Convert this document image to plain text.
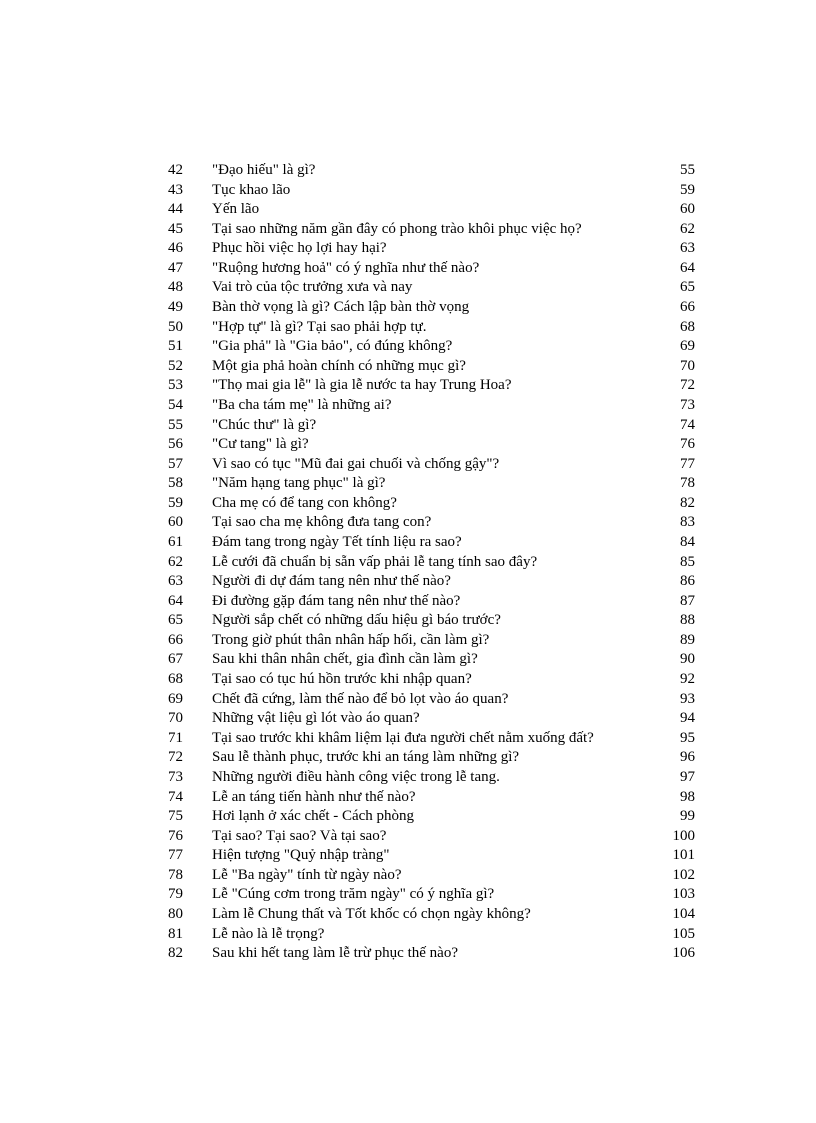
42 "Đạo hiếu" là gì?	55
43 Tục khao lão	59
44 Yến lão	60
45 Tại sao những năm gần đây có phong trào khôi phục việc họ?	62
46 Phục hồi việc họ lợi hay hại?	63
47 "Ruộng hương hoả" có ý nghĩa như thế nào?	64
48 Vai trò của tộc trưởng xưa và nay	65
49 Bàn thờ vọng là gì? Cách lập bàn thờ vọng	66
50 "Hợp tự" là gì? Tại sao phải hợp tự.	68
51 "Gia phả" là "Gia bảo", có đúng không?	69
52 Một gia phả hoàn chính có những mục gì?	70
53 "Thọ mai gia lễ" là gia lễ nước ta hay Trung Hoa?	72
54 "Ba cha tám mẹ" là những ai?	73
55 "Chúc thư" là gì?	74
56 "Cư tang" là gì?	76
57 Vì sao có tục "Mũ đai gai chuối và chống gậy"?	77
58 "Năm hạng tang phục" là gì?	78
59 Cha mẹ có để tang con không?	82
60 Tại sao cha mẹ không đưa tang con?	83
61 Đám tang trong ngày Tết tính liệu ra sao?	84
62 Lễ cưới đã chuẩn bị sẵn vấp phải lễ tang tính sao đây?	85
63 Người đi dự đám tang nên như thế nào?	86
64 Đi đường gặp đám tang nên như thế nào?	87
65 Người sắp chết có những dấu hiệu gì báo trước?	88
66 Trong giờ phút thân nhân hấp hối, cần làm gì?	89
67 Sau khi thân nhân chết, gia đình cần làm gì?	90
68 Tại sao có tục hú hồn trước khi nhập quan?	92
69 Chết đã cứng, làm thế nào để bỏ lọt vào áo quan?	93
70 Những vật liệu gì lót vào áo quan?	94
71 Tại sao trước khi khâm liệm lại đưa người chết nằm xuống đất?	95
72 Sau lễ thành phục, trước khi an táng làm những gì?	96
73 Những người điều hành công việc trong lễ tang.	97
74 Lễ an táng tiến hành như thế nào?	98
75 Hơi lạnh ở xác chết - Cách phòng	99
76 Tại sao? Tại sao? Và tại sao?	100
77 Hiện tượng "Quỷ nhập tràng"	101
78 Lễ "Ba ngày" tính từ ngày nào?	102
79 Lễ "Cúng cơm trong trăm ngày" có ý nghĩa gì?	103
80 Làm lễ Chung thất và Tốt khốc có chọn ngày không?	104
81 Lễ nào là lễ trọng?	105
82 Sau khi hết tang làm lễ trừ phục thế nào?	106
